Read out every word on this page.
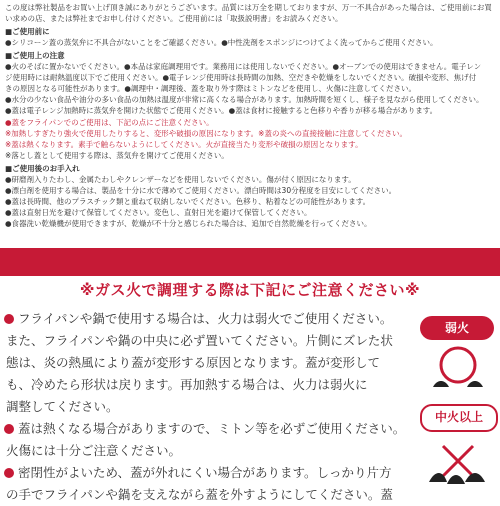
この度は弊社製品をお買い上げ頂き誠にありがとうございます。品質には万全を期しておりますが、万一不具合があった場合は、ご使用前にお買
い求めの店、または弊社までお申し付けください。ご使用前には「取扱説明書」をお読みください。
■ご使用前に
●シリコーン蓋の蒸気弁に不具合がないことをご確認ください。●中性洗剤をスポンジにつけてよく洗ってからご使用ください。
■ご使用上の注意
●火のそばに置かないでください。●本品は家庭調理用です。業務用には使用しないでください。●オーブンでの使用はできません。電子レン
ジ使用時には耐熱温度以下でご使用ください。●電子レンジ使用時は長時間の加熱、空だきや乾燥をしないでください。破損や変形、焦げ付
きの原因となる可能性があります。●調理中・調理後、蓋を取り外す際はミトンなどを使用し、火傷に注意してください。
●水分の少ない食品や油分の多い食品の加熱は温度が非常に高くなる場合があります。加熱時間を短くし、様子を見ながら使用してください。
●蓋は電子レンジ加熱時に蒸気弁を開けた状態でご使用ください。●蓋は食材に接触すると色移りや香りが移る場合があります。
●蓋をフライパンでのご使用は、下記の点にご注意ください。
※加熱しすぎたり強火で使用したりすると、変形や破損の原因になります。※蓋の炎への直接接触に注意してください。
※蓋は熱くなります。素手で触らないようにしてください。火が直接当たり変形や破損の原因となります。
※落とし蓋として使用する際は、蒸気弁を開けてご使用ください。
■ご使用後のお手入れ
●研磨剤入りたわし、金属たわしやクレンザーなどを使用しないでください。傷が付く原因になります。
●漂白剤を使用する場合は、製品を十分に水で薄めてご使用ください。漂白時間は30分程度を目安にしてください。
●蓋は長時間、他のプラスチック類と重ねて収納しないでください。色移り、粘着などの可能性があります。
●蓋は直射日光を避けて保管してください。変色し、直射日光を避けて保管してください。
●食器洗い乾燥機が使用できますが、乾燥が不十分と感じられた場合は、追加で自然乾燥を行ってください。
※ガス火で調理する際は下記にご注意ください※
フライパンや鍋で使用する場合は、火力は弱火でご使用ください。
また、フライパンや鍋の中央に必ず置いてください。片側にズレた状
態は、炎の熱風により蓋が変形する原因となります。蓋が変形して
も、冷めたら形状は戻ります。再加熱する場合は、火力は弱火に
調整してください。
蓋は熱くなる場合がありますので、ミトン等を必ずご使用ください。
火傷には十分ご注意ください。
密閉性がよいため、蓋が外れにくい場合があります。しっかり片方
の手でフライパンや鍋を支えながら蓋を外すようにしてください。蓋
弱火
中火以上
